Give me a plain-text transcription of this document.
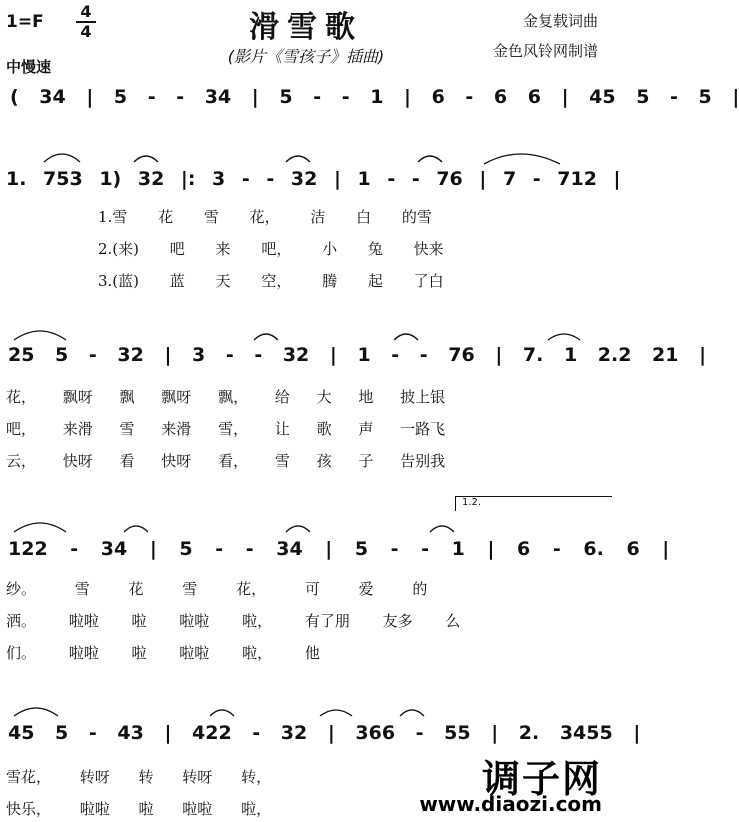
滑雪歌
(影片《雪孩子》插曲)
1=F
4
4
中慢速
金复载词曲
金色风铃网制谱
( 34 | 5 - - 34 | 5 - - 1 | 6 - 6 6 | 45 5 - 5 |
1. 753 1) 32 |: 3 - - 32 | 1 - - 76 | 7 - 712 |
1.雪 花 雪 花， 洁 白 的雪
2.(来) 吧 来 吧， 小 兔 快来
3.(蓝) 蓝 天 空， 腾 起 了白
25 5 - 32 | 3 - - 32 | 1 - - 76 | 7. 1 2.2 21 |
花， 飘呀 飘 飘呀 飘， 给 大 地 披上银
吧， 来滑 雪 来滑 雪， 让 歌 声 一路飞
云， 快呀 看 快呀 看， 雪 孩 子 告别我
1.2.
122 - 34 | 5 - - 34 | 5 - - 1 | 6 - 6. 6 |
纱。 雪 花 雪 花， 可 爱 的
洒。 啦啦 啦 啦啦 啦， 有了朋 友多 么
们。 啦啦 啦 啦啦 啦， 他
45 5 - 43 | 422 - 32 | 366 - 55 | 2. 3455 |
雪花， 转呀 转 转呀 转，
快乐， 啦啦 啦 啦啦 啦，
调子网
www.diaozi.com
